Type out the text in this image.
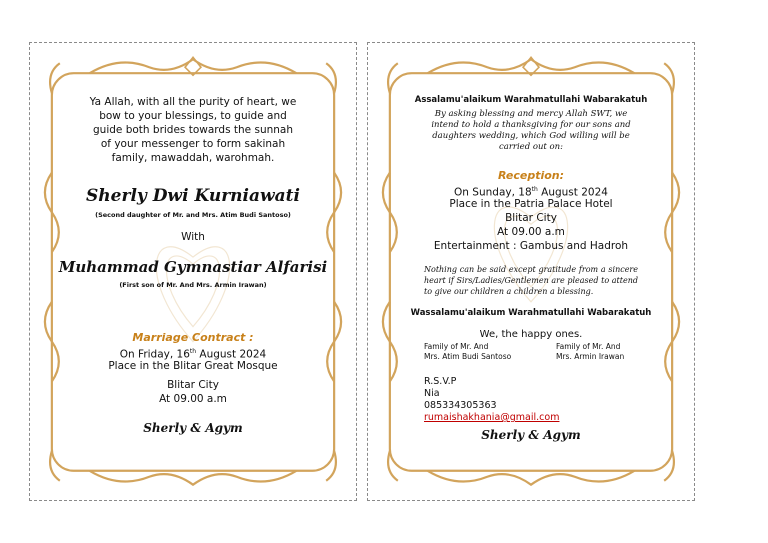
Ya Allah, with all the purity of heart, we bow to your blessings, to guide and guide both brides towards the sunnah of your messenger to form sakinah family, mawaddah, warohmah.
Sherly Dwi Kurniawati
(Second daughter of Mr. and Mrs. Atim Budi Santoso)
With
Muhammad Gymnastiar Alfarisi
(First son of Mr. And Mrs. Armin Irawan)
Marriage Contract :
On Friday, 16th August 2024
Place in the Blitar Great Mosque
Blitar City
At 09.00 a.m
Sherly & Agym
Assalamu'alaikum Warahmatullahi Wabarakatuh
By asking blessing and mercy Allah SWT, we intend to hold a thanksgiving for our sons and daughters wedding, which God willing will be carried out on:
Reception:
On Sunday, 18th August 2024
Place in the Patria Palace Hotel
Blitar City
At 09.00 a.m
Entertainment : Gambus and Hadroh
Nothing can be said except gratitude from a sincere heart if Sirs/Ladies/Gentlemen are pleased to attend to give our children a children a blessing.
Wassalamu'alaikum Warahmatullahi Wabarakatuh
We, the happy ones.
Family of Mr. And
Mrs. Atim Budi Santoso
Family of Mr. And
Mrs. Armin Irawan
R.S.V.P
Nia
085334305363
rumaishakhania@gmail.com
Sherly & Agym
